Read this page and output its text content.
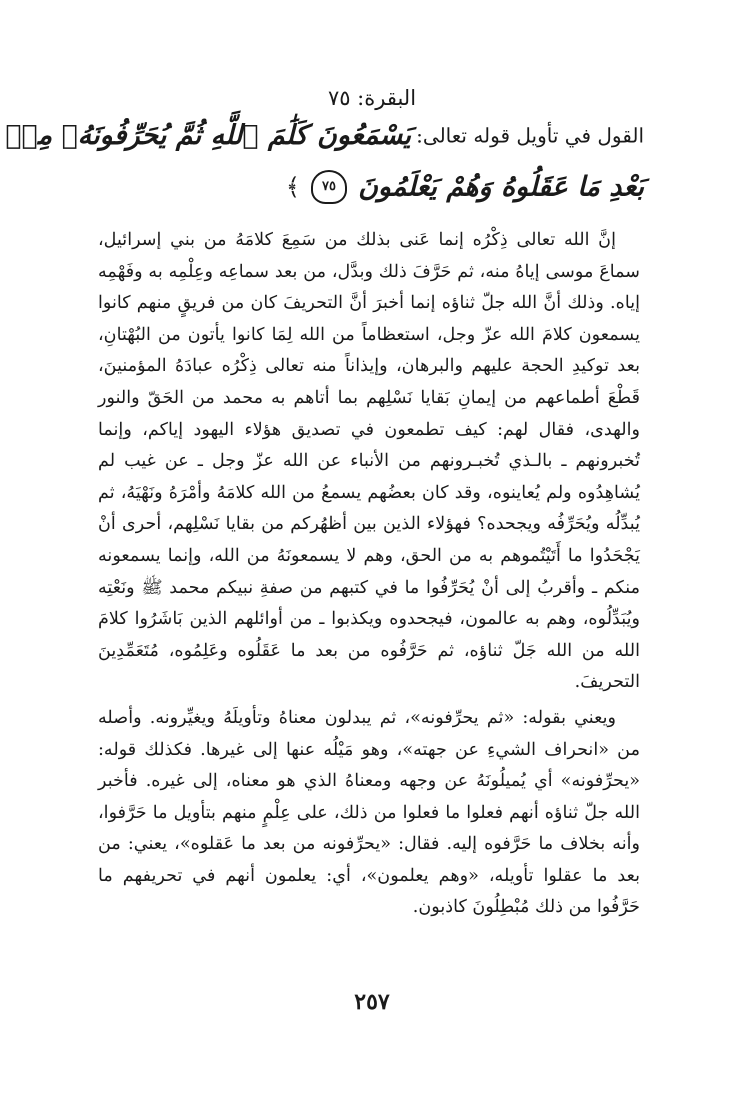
البقرة: ٧٥
القول في تأويل قوله تعالى: يَسْمَعُونَ كَلَٰمَ ٱللَّهِ ثُمَّ يُحَرِّفُونَهُۥ مِنۢ
بَعْدِ مَا عَقَلُوهُ وَهُمْ يَعْلَمُونَ ٧٥ ﴾

إنَّ الله تعالى ذِكْرُه إنما عَنى بذلك من سَمِعَ كلامَهُ من بني إسرائيل، سماعَ موسى إياهُ منه، ثم حَرَّفَ ذلك وبدَّل، من بعد سماعِه وعِلْمِه به وفَهْمِه إياه. وذلك أنَّ الله جلّ ثناؤه إنما أخبرَ أنَّ التحريفَ كان من فريقٍ منهم كانوا يسمعون كلامَ الله عزّ وجل، استعظاماً من الله لِمَا كانوا يأتون من البُهْتانِ، بعد توكيدِ الحجة عليهم والبرهان، وإيذاناً منه تعالى ذِكْرُه عبادَهُ المؤمنينَ، قَطْعَ أطماعهم من إيمانِ بَقايا نَسْلِهم بما أتاهم به محمد من الحَقّ والنور والهدى، فقال لهم: كيف تطمعون في تصديق هؤلاء اليهود إياكم، وإنما تُخبرونهم ـ بالـذي تُخبـرونهم من الأنباء عن الله عزّ وجل ـ عن غيب لم يُشاهِدُوه ولم يُعاينوه، وقد كان بعضُهم يسمعُ من الله كلامَهُ وأمْرَهُ ونَهْيَهُ، ثم يُبدِّلُه ويُحَرِّفُه ويجحده؟ فهؤلاء الذين بين أظهُركم من بقايا نَسْلِهم، أحرى أنْ يَجْحَدُوا ما أَتَيْتُموهم به من الحق، وهم لا يسمعونَهُ من الله، وإنما يسمعونه منكم ـ وأقربُ إلى أنْ يُحَرِّفُوا ما في كتبهم من صفةِ نبيكم محمد ﷺ ونَعْتِه ويُبَدِّلُوه، وهم به عالمون، فيجحدوه ويكذبوا ـ من أوائلهم الذين بَاشَرُوا كلامَ الله من الله جَلّ ثناؤه، ثم حَرَّفُوه من بعد ما عَقَلُوه وعَلِمُوه، مُتَعَمِّدِينَ التحريفَ.

ويعني بقوله: «ثم يحرِّفونه»، ثم يبدلون معناهُ وتأويلَهُ ويغيِّرونه. وأصله من «انحراف الشيءِ عن جهته»، وهو مَيْلُه عنها إلى غيرها. فكذلك قوله: «يحرِّفونه» أي يُميلُونَهُ عن وجهه ومعناهُ الذي هو معناه، إلى غيره. فأخبر الله جلّ ثناؤه أنهم فعلوا ما فعلوا من ذلك، على عِلْمٍ منهم بتأويل ما حَرَّفوا، وأنه بخلاف ما حَرَّفوه إليه. فقال: «يحرِّفونه من بعد ما عَقلوه»، يعني: من بعد ما عقلوا تأويله، «وهم يعلمون»، أي: يعلمون أنهم في تحريفهم ما حَرَّفُوا من ذلك مُبْطِلُونَ كاذبون.

٢٥٧
